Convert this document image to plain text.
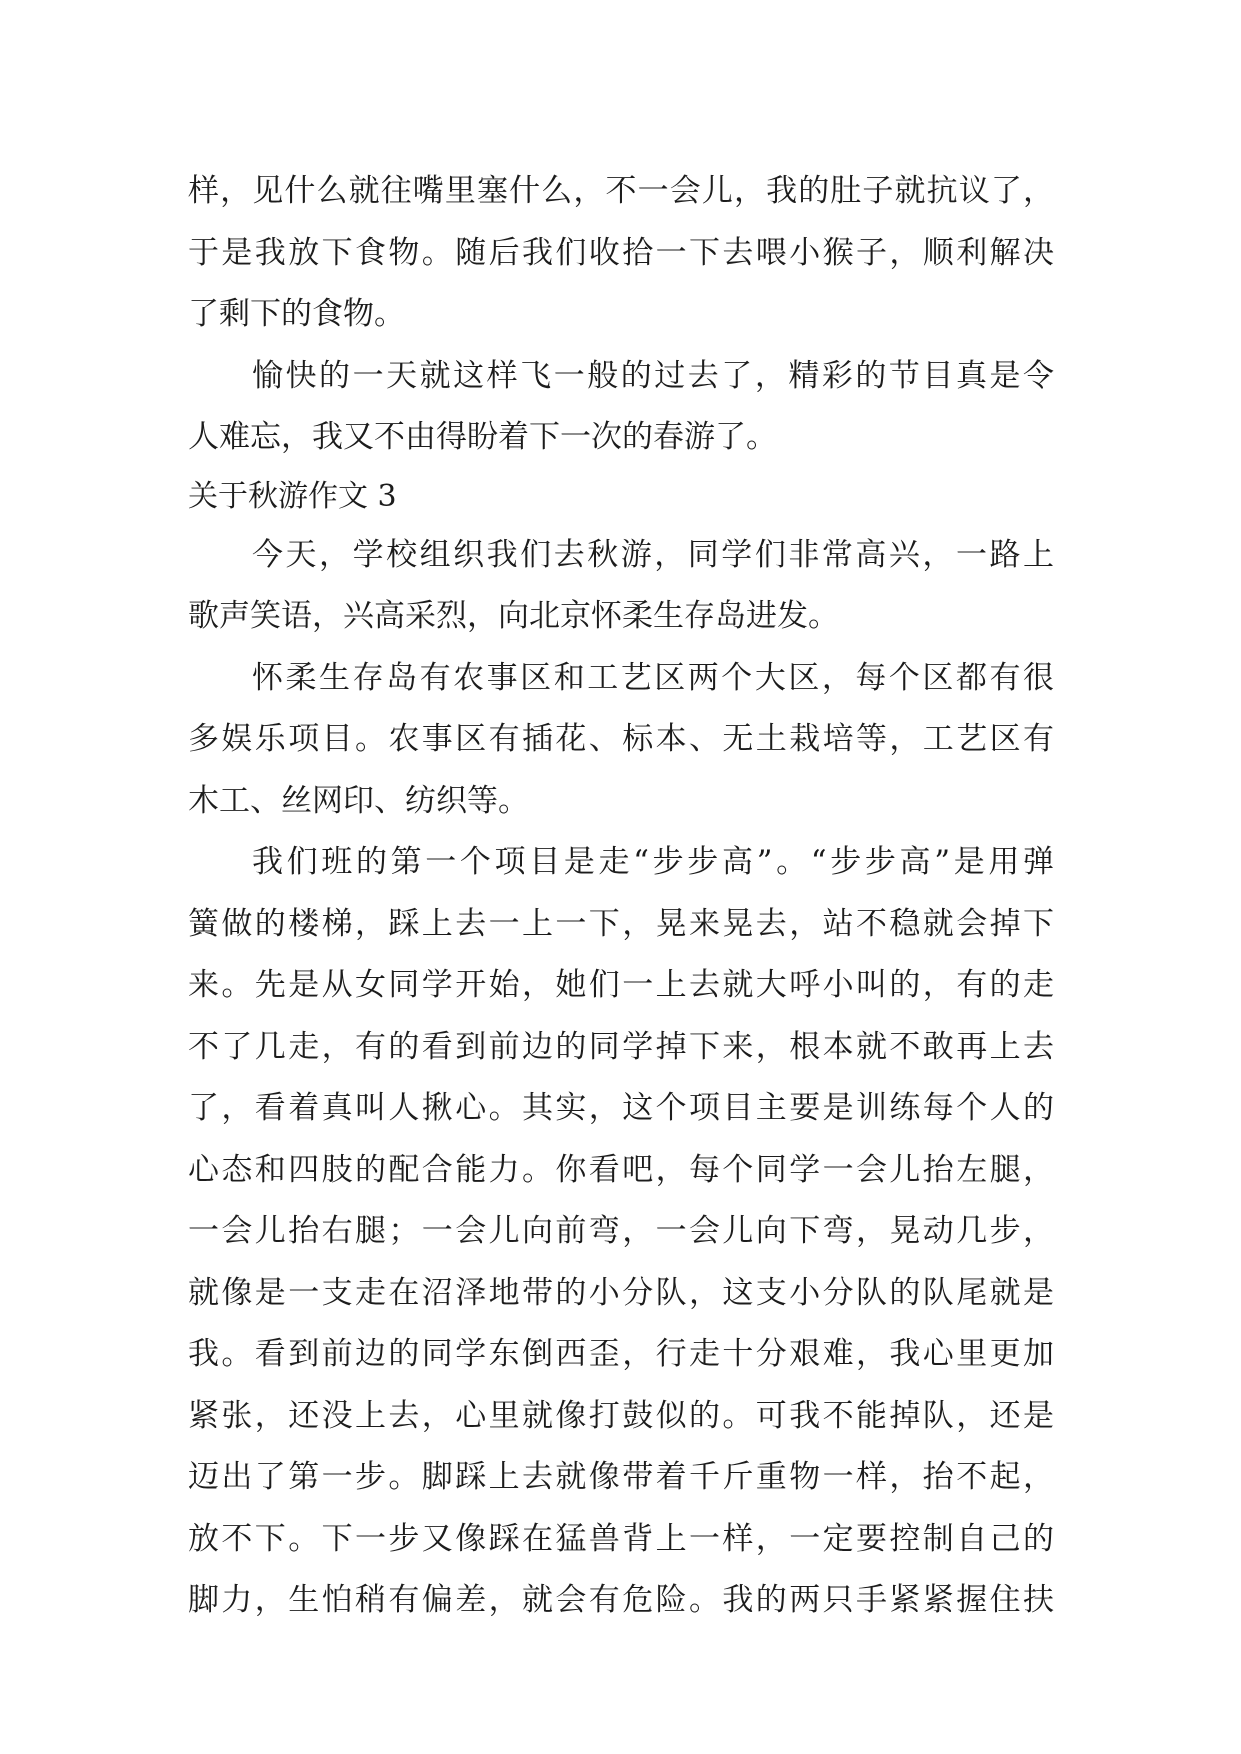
样，见什么就往嘴里塞什么，不一会儿，我的肚子就抗议了，
于是我放下食物。随后我们收拾一下去喂小猴子，顺利解决
了剩下的食物。
愉快的一天就这样飞一般的过去了，精彩的节目真是令
人难忘，我又不由得盼着下一次的春游了。
关于秋游作文 3
今天，学校组织我们去秋游，同学们非常高兴，一路上
歌声笑语，兴高采烈，向北京怀柔生存岛进发。
怀柔生存岛有农事区和工艺区两个大区，每个区都有很
多娱乐项目。农事区有插花、标本、无土栽培等，工艺区有
木工、丝网印、纺织等。
我们班的第一个项目是走“步步高”。“步步高”是用弹
簧做的楼梯，踩上去一上一下，晃来晃去，站不稳就会掉下
来。先是从女同学开始，她们一上去就大呼小叫的，有的走
不了几走，有的看到前边的同学掉下来，根本就不敢再上去
了，看着真叫人揪心。其实，这个项目主要是训练每个人的
心态和四肢的配合能力。你看吧，每个同学一会儿抬左腿，
一会儿抬右腿；一会儿向前弯，一会儿向下弯，晃动几步，
就像是一支走在沼泽地带的小分队，这支小分队的队尾就是
我。看到前边的同学东倒西歪，行走十分艰难，我心里更加
紧张，还没上去，心里就像打鼓似的。可我不能掉队，还是
迈出了第一步。脚踩上去就像带着千斤重物一样，抬不起，
放不下。下一步又像踩在猛兽背上一样，一定要控制自己的
脚力，生怕稍有偏差，就会有危险。我的两只手紧紧握住扶
